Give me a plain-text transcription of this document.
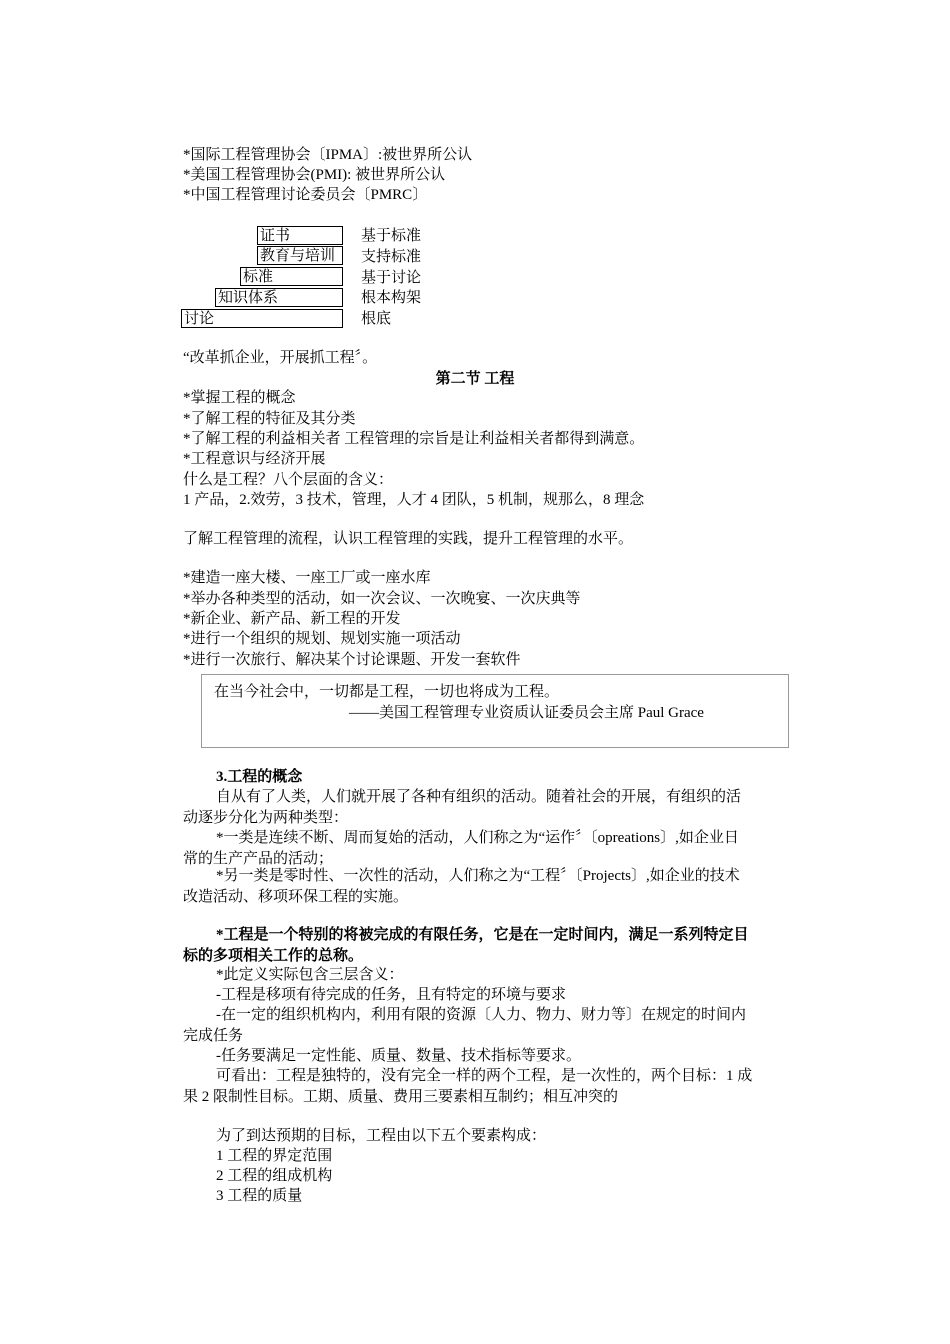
*国际工程管理协会〔IPMA〕:被世界所公认
*美国工程管理协会(PMI): 被世界所公认
*中国工程管理讨论委员会〔PMRC〕
证书	基于标准
教育与培训	支持标准
标准	基于讨论
知识体系	根本构架
讨论	根底
“改革抓企业，开展抓工程〞。
第二节 工程
*掌握工程的概念
*了解工程的特征及其分类
*了解工程的利益相关者 工程管理的宗旨是让利益相关者都得到满意。
*工程意识与经济开展
什么是工程？八个层面的含义：
1 产品，2.效劳，3 技术，管理，人才 4 团队，5 机制，规那么，8 理念
了解工程管理的流程，认识工程管理的实践，提升工程管理的水平。
*建造一座大楼、一座工厂或一座水库
*举办各种类型的活动，如一次会议、一次晚宴、一次庆典等
*新企业、新产品、新工程的开发
*进行一个组织的规划、规划实施一项活动
*进行一次旅行、解决某个讨论课题、开发一套软件
在当今社会中，一切都是工程，一切也将成为工程。
——美国工程管理专业资质认证委员会主席 Paul Grace
3.工程的概念
自从有了人类，人们就开展了各种有组织的活动。随着社会的开展，有组织的活
动逐步分化为两种类型：
*一类是连续不断、周而复始的活动，人们称之为“运作〞〔opreations〕,如企业日
常的生产产品的活动；
*另一类是零时性、一次性的活动，人们称之为“工程〞〔Projects〕,如企业的技术
改造活动、移项环保工程的实施。
*工程是一个特别的将被完成的有限任务，它是在一定时间内，满足一系列特定目
标的多项相关工作的总称。
*此定义实际包含三层含义：
-工程是移项有待完成的任务，且有特定的环境与要求
-在一定的组织机构内，利用有限的资源〔人力、物力、财力等〕在规定的时间内
完成任务
-任务要满足一定性能、质量、数量、技术指标等要求。
可看出：工程是独特的，没有完全一样的两个工程，是一次性的，两个目标：1 成
果 2 限制性目标。工期、质量、费用三要素相互制约；相互冲突的
为了到达预期的目标，工程由以下五个要素构成：
1 工程的界定范围
2 工程的组成机构
3 工程的质量
